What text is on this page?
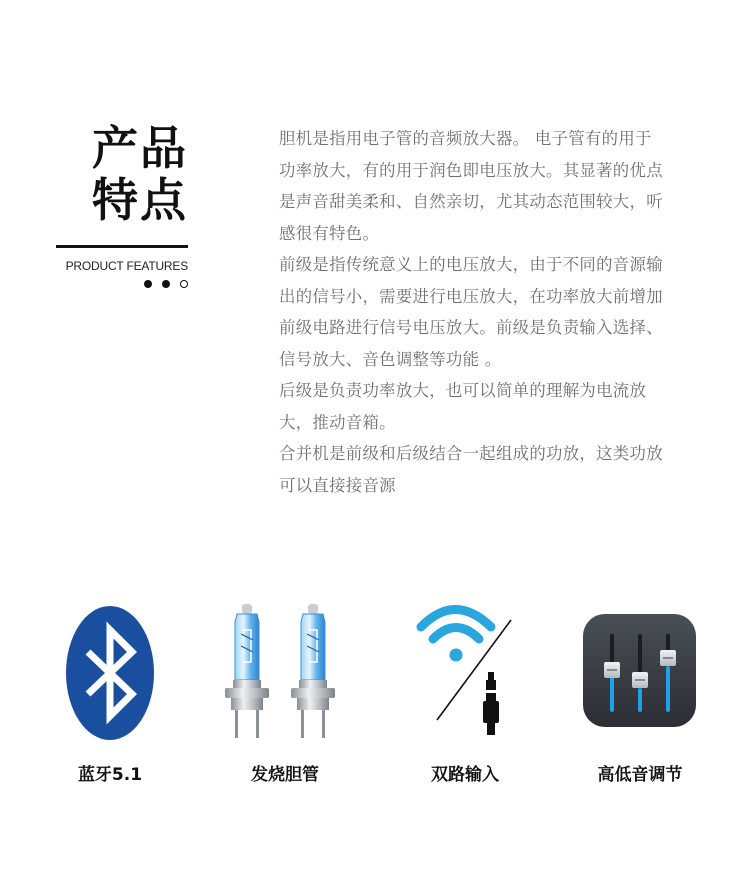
产品
特点
PRODUCT FEATURES

胆机是指用电子管的音频放大器。 电子管有的用于功率放大，有的用于润色即电压放大。其显著的优点是声音甜美柔和、自然亲切，尤其动态范围较大，听感很有特色。

前级是指传统意义上的电压放大，由于不同的音源输出的信号小，需要进行电压放大，在功率放大前增加前级电路进行信号电压放大。前级是负责输入选择、信号放大、音色调整等功能 。

后级是负责功率放大，也可以简单的理解为电流放大，推动音箱。

合并机是前级和后级结合一起组成的功放，这类功放可以直接接音源

蓝牙5.1	发烧胆管	双路输入	高低音调节
